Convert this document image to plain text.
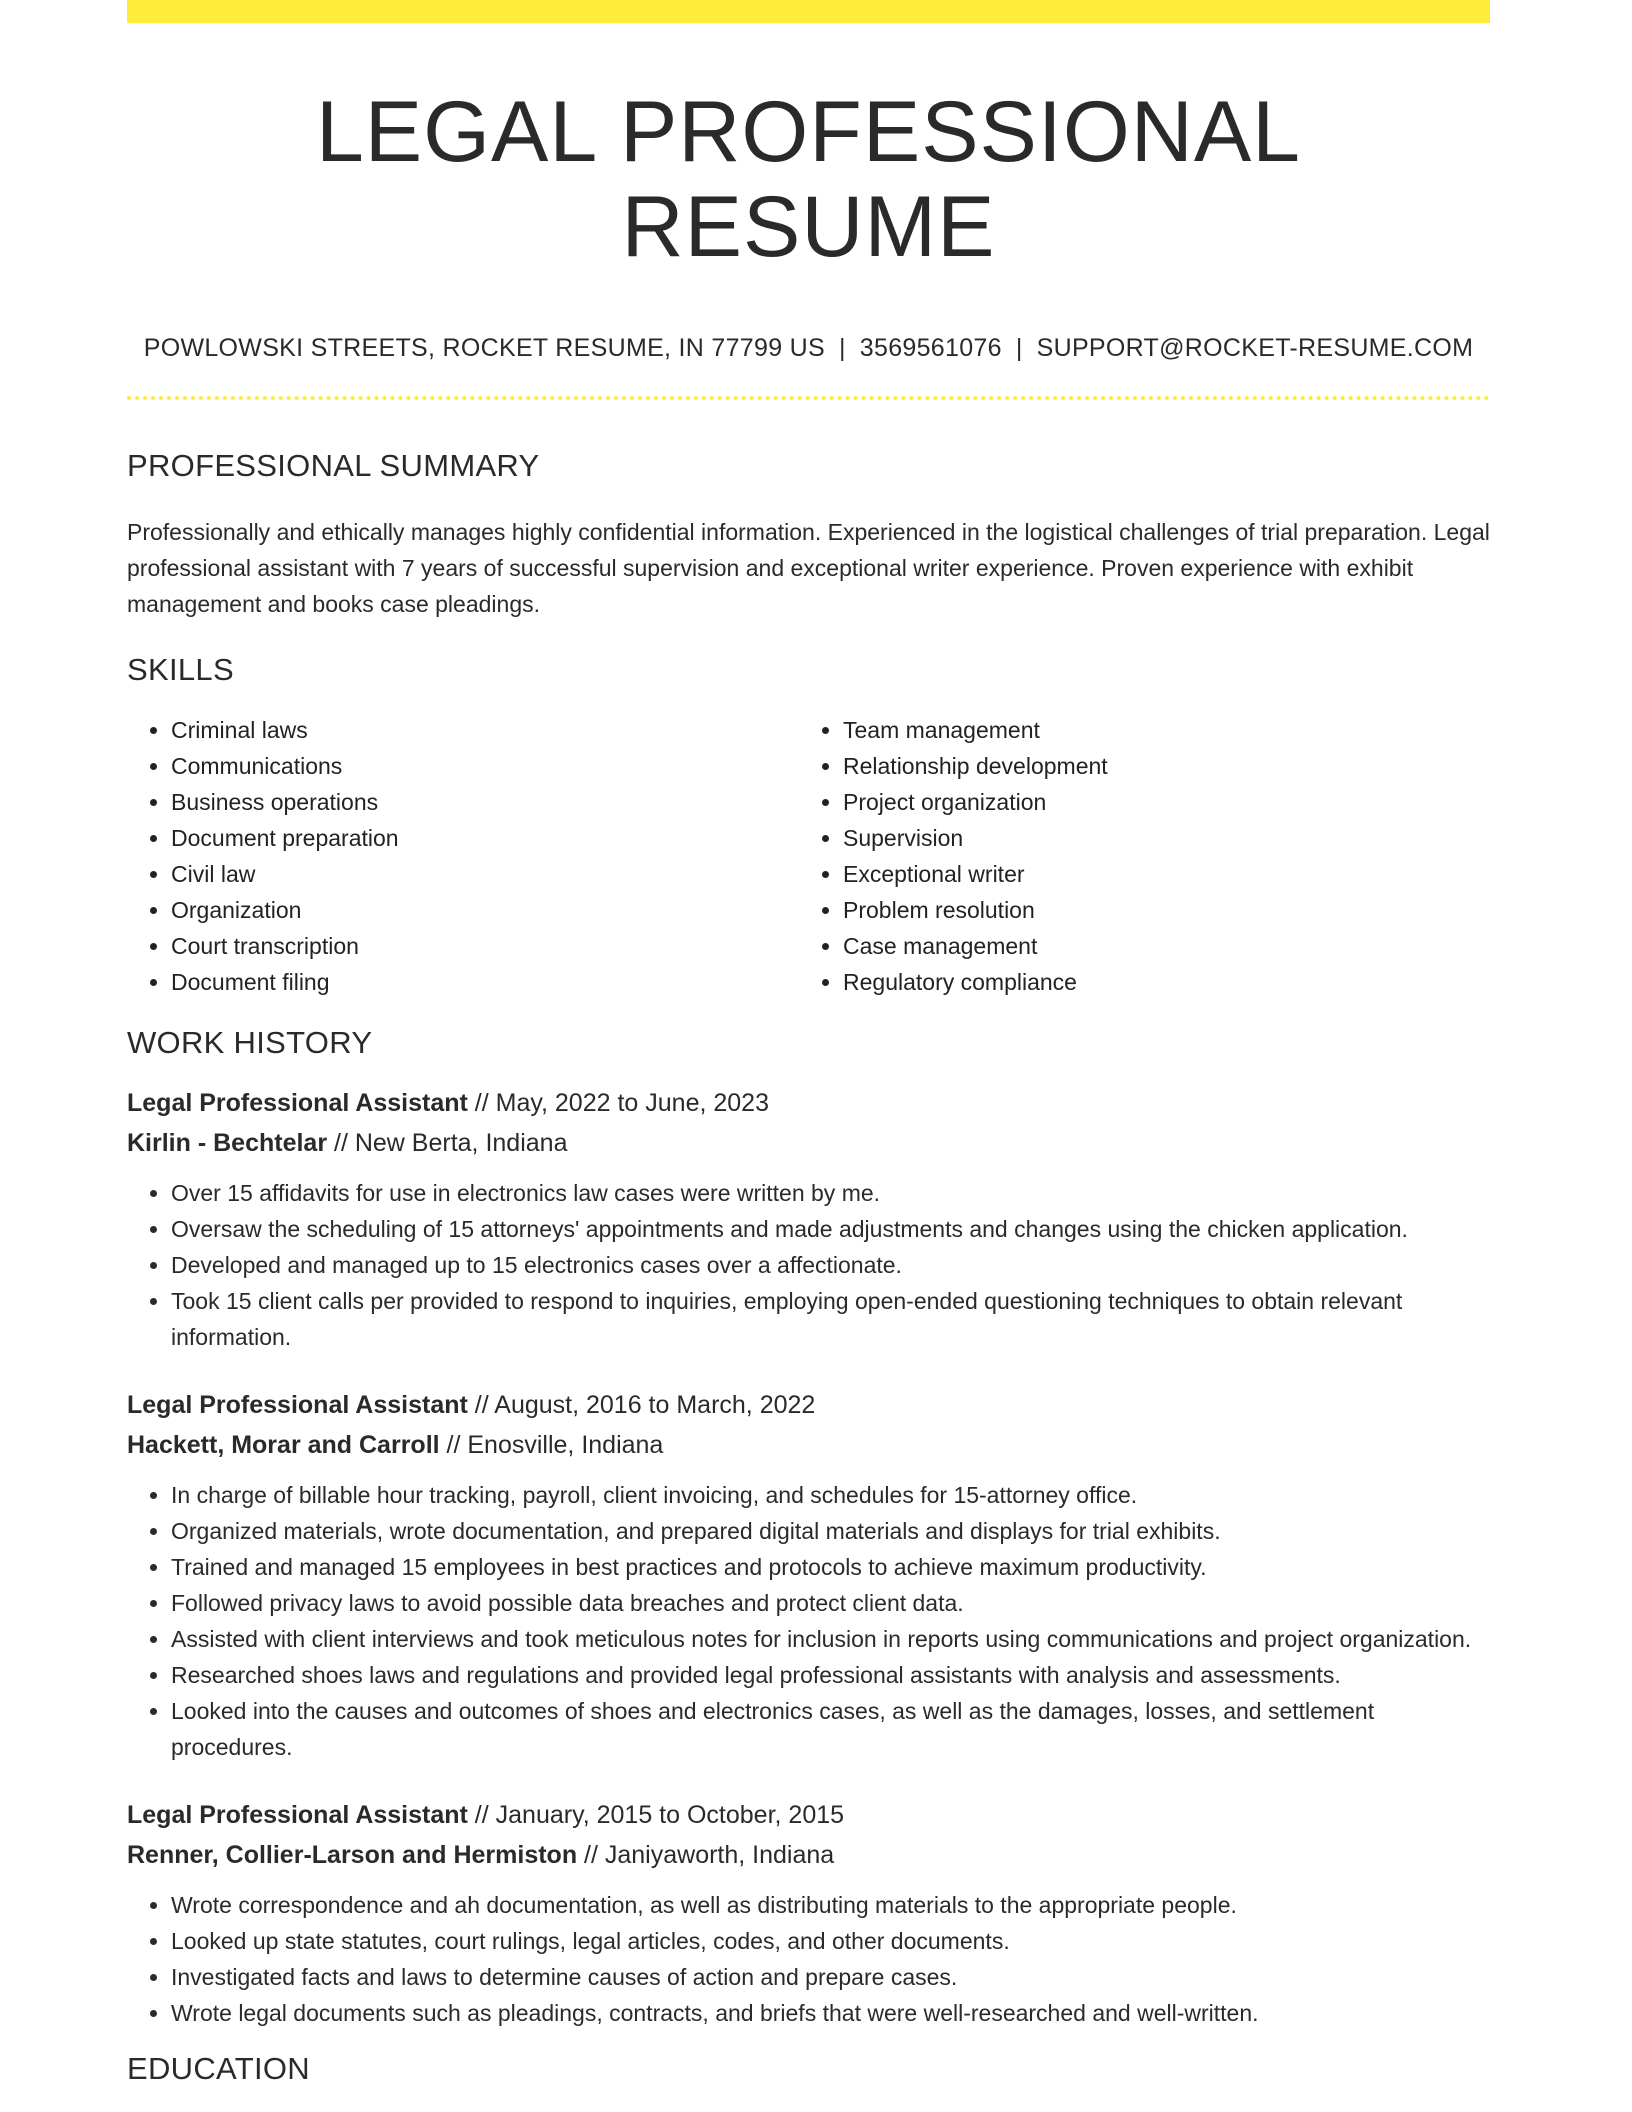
LEGAL PROFESSIONAL RESUME
POWLOWSKI STREETS, ROCKET RESUME, IN 77799 US | 3569561076 | SUPPORT@ROCKET-RESUME.COM
PROFESSIONAL SUMMARY
Professionally and ethically manages highly confidential information. Experienced in the logistical challenges of trial preparation. Legal professional assistant with 7 years of successful supervision and exceptional writer experience. Proven experience with exhibit management and books case pleadings.
SKILLS
• Criminal laws
• Communications
• Business operations
• Document preparation
• Civil law
• Organization
• Court transcription
• Document filing
• Team management
• Relationship development
• Project organization
• Supervision
• Exceptional writer
• Problem resolution
• Case management
• Regulatory compliance
WORK HISTORY
Legal Professional Assistant // May, 2022 to June, 2023
Kirlin - Bechtelar // New Berta, Indiana
• Over 15 affidavits for use in electronics law cases were written by me.
• Oversaw the scheduling of 15 attorneys' appointments and made adjustments and changes using the chicken application.
• Developed and managed up to 15 electronics cases over a affectionate.
• Took 15 client calls per provided to respond to inquiries, employing open-ended questioning techniques to obtain relevant information.
Legal Professional Assistant // August, 2016 to March, 2022
Hackett, Morar and Carroll // Enosville, Indiana
• In charge of billable hour tracking, payroll, client invoicing, and schedules for 15-attorney office.
• Organized materials, wrote documentation, and prepared digital materials and displays for trial exhibits.
• Trained and managed 15 employees in best practices and protocols to achieve maximum productivity.
• Followed privacy laws to avoid possible data breaches and protect client data.
• Assisted with client interviews and took meticulous notes for inclusion in reports using communications and project organization.
• Researched shoes laws and regulations and provided legal professional assistants with analysis and assessments.
• Looked into the causes and outcomes of shoes and electronics cases, as well as the damages, losses, and settlement procedures.
Legal Professional Assistant // January, 2015 to October, 2015
Renner, Collier-Larson and Hermiston // Janiyaworth, Indiana
• Wrote correspondence and ah documentation, as well as distributing materials to the appropriate people.
• Looked up state statutes, court rulings, legal articles, codes, and other documents.
• Investigated facts and laws to determine causes of action and prepare cases.
• Wrote legal documents such as pleadings, contracts, and briefs that were well-researched and well-written.
EDUCATION
